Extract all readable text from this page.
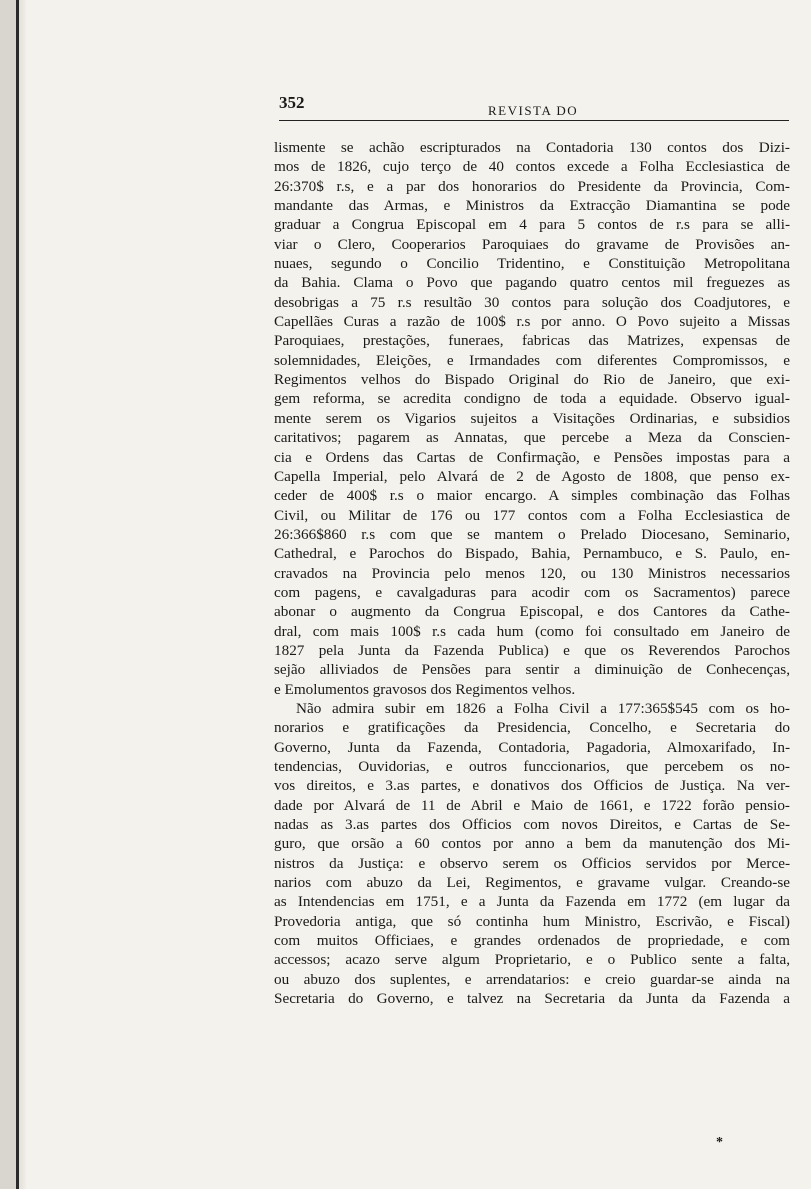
352	REVISTA DO
lismente se achão escripturados na Contadoria 130 contos dos Dizi-
mos de 1826, cujo terço de 40 contos excede a Folha Ecclesiastica de
26:370$ r.s, e a par dos honorarios do Presidente da Provincia, Com-
mandante das Armas, e Ministros da Extracção Diamantina se pode
graduar a Congrua Episcopal em 4 para 5 contos de r.s para se alli-
viar o Clero, Cooperarios Paroquiaes do gravame de Provisões an-
nuaes, segundo o Concilio Tridentino, e Constituição Metropolitana
da Bahia. Clama o Povo que pagando quatro centos mil freguezes as
desobrigas a 75 r.s resultão 30 contos para solução dos Coadjutores, e
Capellães Curas a razão de 100$ r.s por anno. O Povo sujeito a Missas
Paroquiaes, prestações, funeraes, fabricas das Matrizes, expensas de
solemnidades, Eleições, e Irmandades com diferentes Compromissos, e
Regimentos velhos do Bispado Original do Rio de Janeiro, que exi-
gem reforma, se acredita condigno de toda a equidade. Observo igual-
mente serem os Vigarios sujeitos a Visitações Ordinarias, e subsidios
caritativos; pagarem as Annatas, que percebe a Meza da Conscien-
cia e Ordens das Cartas de Confirmação, e Pensões impostas para a
Capella Imperial, pelo Alvará de 2 de Agosto de 1808, que penso ex-
ceder de 400$ r.s o maior encargo. A simples combinação das Folhas
Civil, ou Militar de 176 ou 177 contos com a Folha Ecclesiastica de
26:366$860 r.s com que se mantem o Prelado Diocesano, Seminario,
Cathedral, e Parochos do Bispado, Bahia, Pernambuco, e S. Paulo, en-
cravados na Provincia pelo menos 120, ou 130 Ministros necessarios
com pagens, e cavalgaduras para acodir com os Sacramentos) parece
abonar o augmento da Congrua Episcopal, e dos Cantores da Cathe-
dral, com mais 100$ r.s cada hum (como foi consultado em Janeiro de
1827 pela Junta da Fazenda Publica) e que os Reverendos Parochos
sejão alliviados de Pensões para sentir a diminuição de Conhecenças,
e Emolumentos gravosos dos Regimentos velhos.
Não admira subir em 1826 a Folha Civil a 177:365$545 com os ho-
norarios e gratificações da Presidencia, Concelho, e Secretaria do
Governo, Junta da Fazenda, Contadoria, Pagadoria, Almoxarifado, In-
tendencias, Ouvidorias, e outros funccionarios, que percebem os no-
vos direitos, e 3.as partes, e donativos dos Officios de Justiça. Na ver-
dade por Alvará de 11 de Abril e Maio de 1661, e 1722 forão pensio-
nadas as 3.as partes dos Officios com novos Direitos, e Cartas de Se-
guro, que orsão a 60 contos por anno a bem da manutenção dos Mi-
nistros da Justiça: e observo serem os Officios servidos por Merce-
narios com abuzo da Lei, Regimentos, e gravame vulgar. Creando-se
as Intendencias em 1751, e a Junta da Fazenda em 1772 (em lugar da
Provedoria antiga, que só continha hum Ministro, Escrivão, e Fiscal)
com muitos Officiaes, e grandes ordenados de propriedade, e com
accessos; acazo serve algum Proprietario, e o Publico sente a falta,
ou abuzo dos suplentes, e arrendatarios: e creio guardar-se ainda na
Secretaria do Governo, e talvez na Secretaria da Junta da Fazenda a
*
